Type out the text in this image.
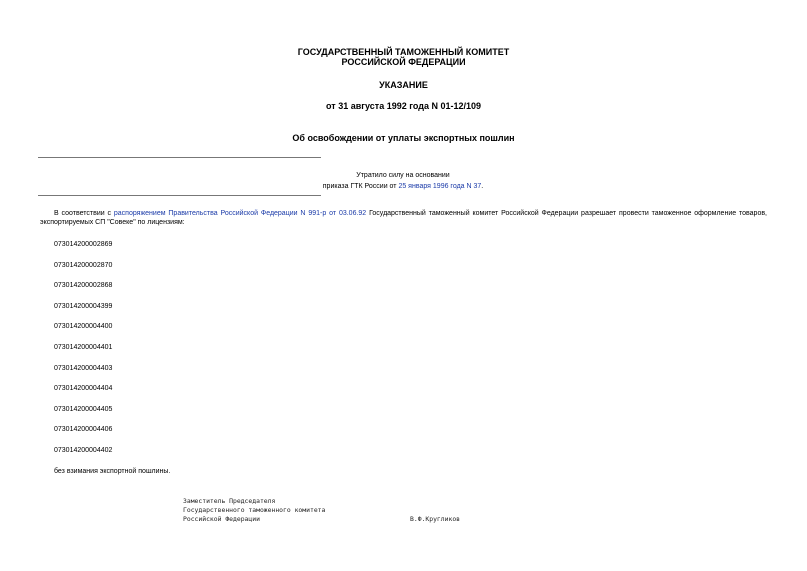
ГОСУДАРСТВЕННЫЙ ТАМОЖЕННЫЙ КОМИТЕТ
РОССИЙСКОЙ ФЕДЕРАЦИИ
УКАЗАНИЕ
от 31 августа 1992 года N 01-12/109
Об освобождении от уплаты экспортных пошлин
Утратило силу на основании
приказа ГТК России от 25 января 1996 года N 37.
В соответствии с распоряжением Правительства Российской Федерации N 991-р от 03.06.92 Государственный таможенный комитет Российской Федерации разрешает провести таможенное оформление товаров, экспортируемых СП "Совеке" по лицензиям:
073014200002869
073014200002870
073014200002868
073014200004399
073014200004400
073014200004401
073014200004403
073014200004404
073014200004405
073014200004406
073014200004402
без взимания экспортной пошлины.
Заместитель Председателя
Государственного таможенного комитета
Российской Федерации	В.Ф.Кругликов
